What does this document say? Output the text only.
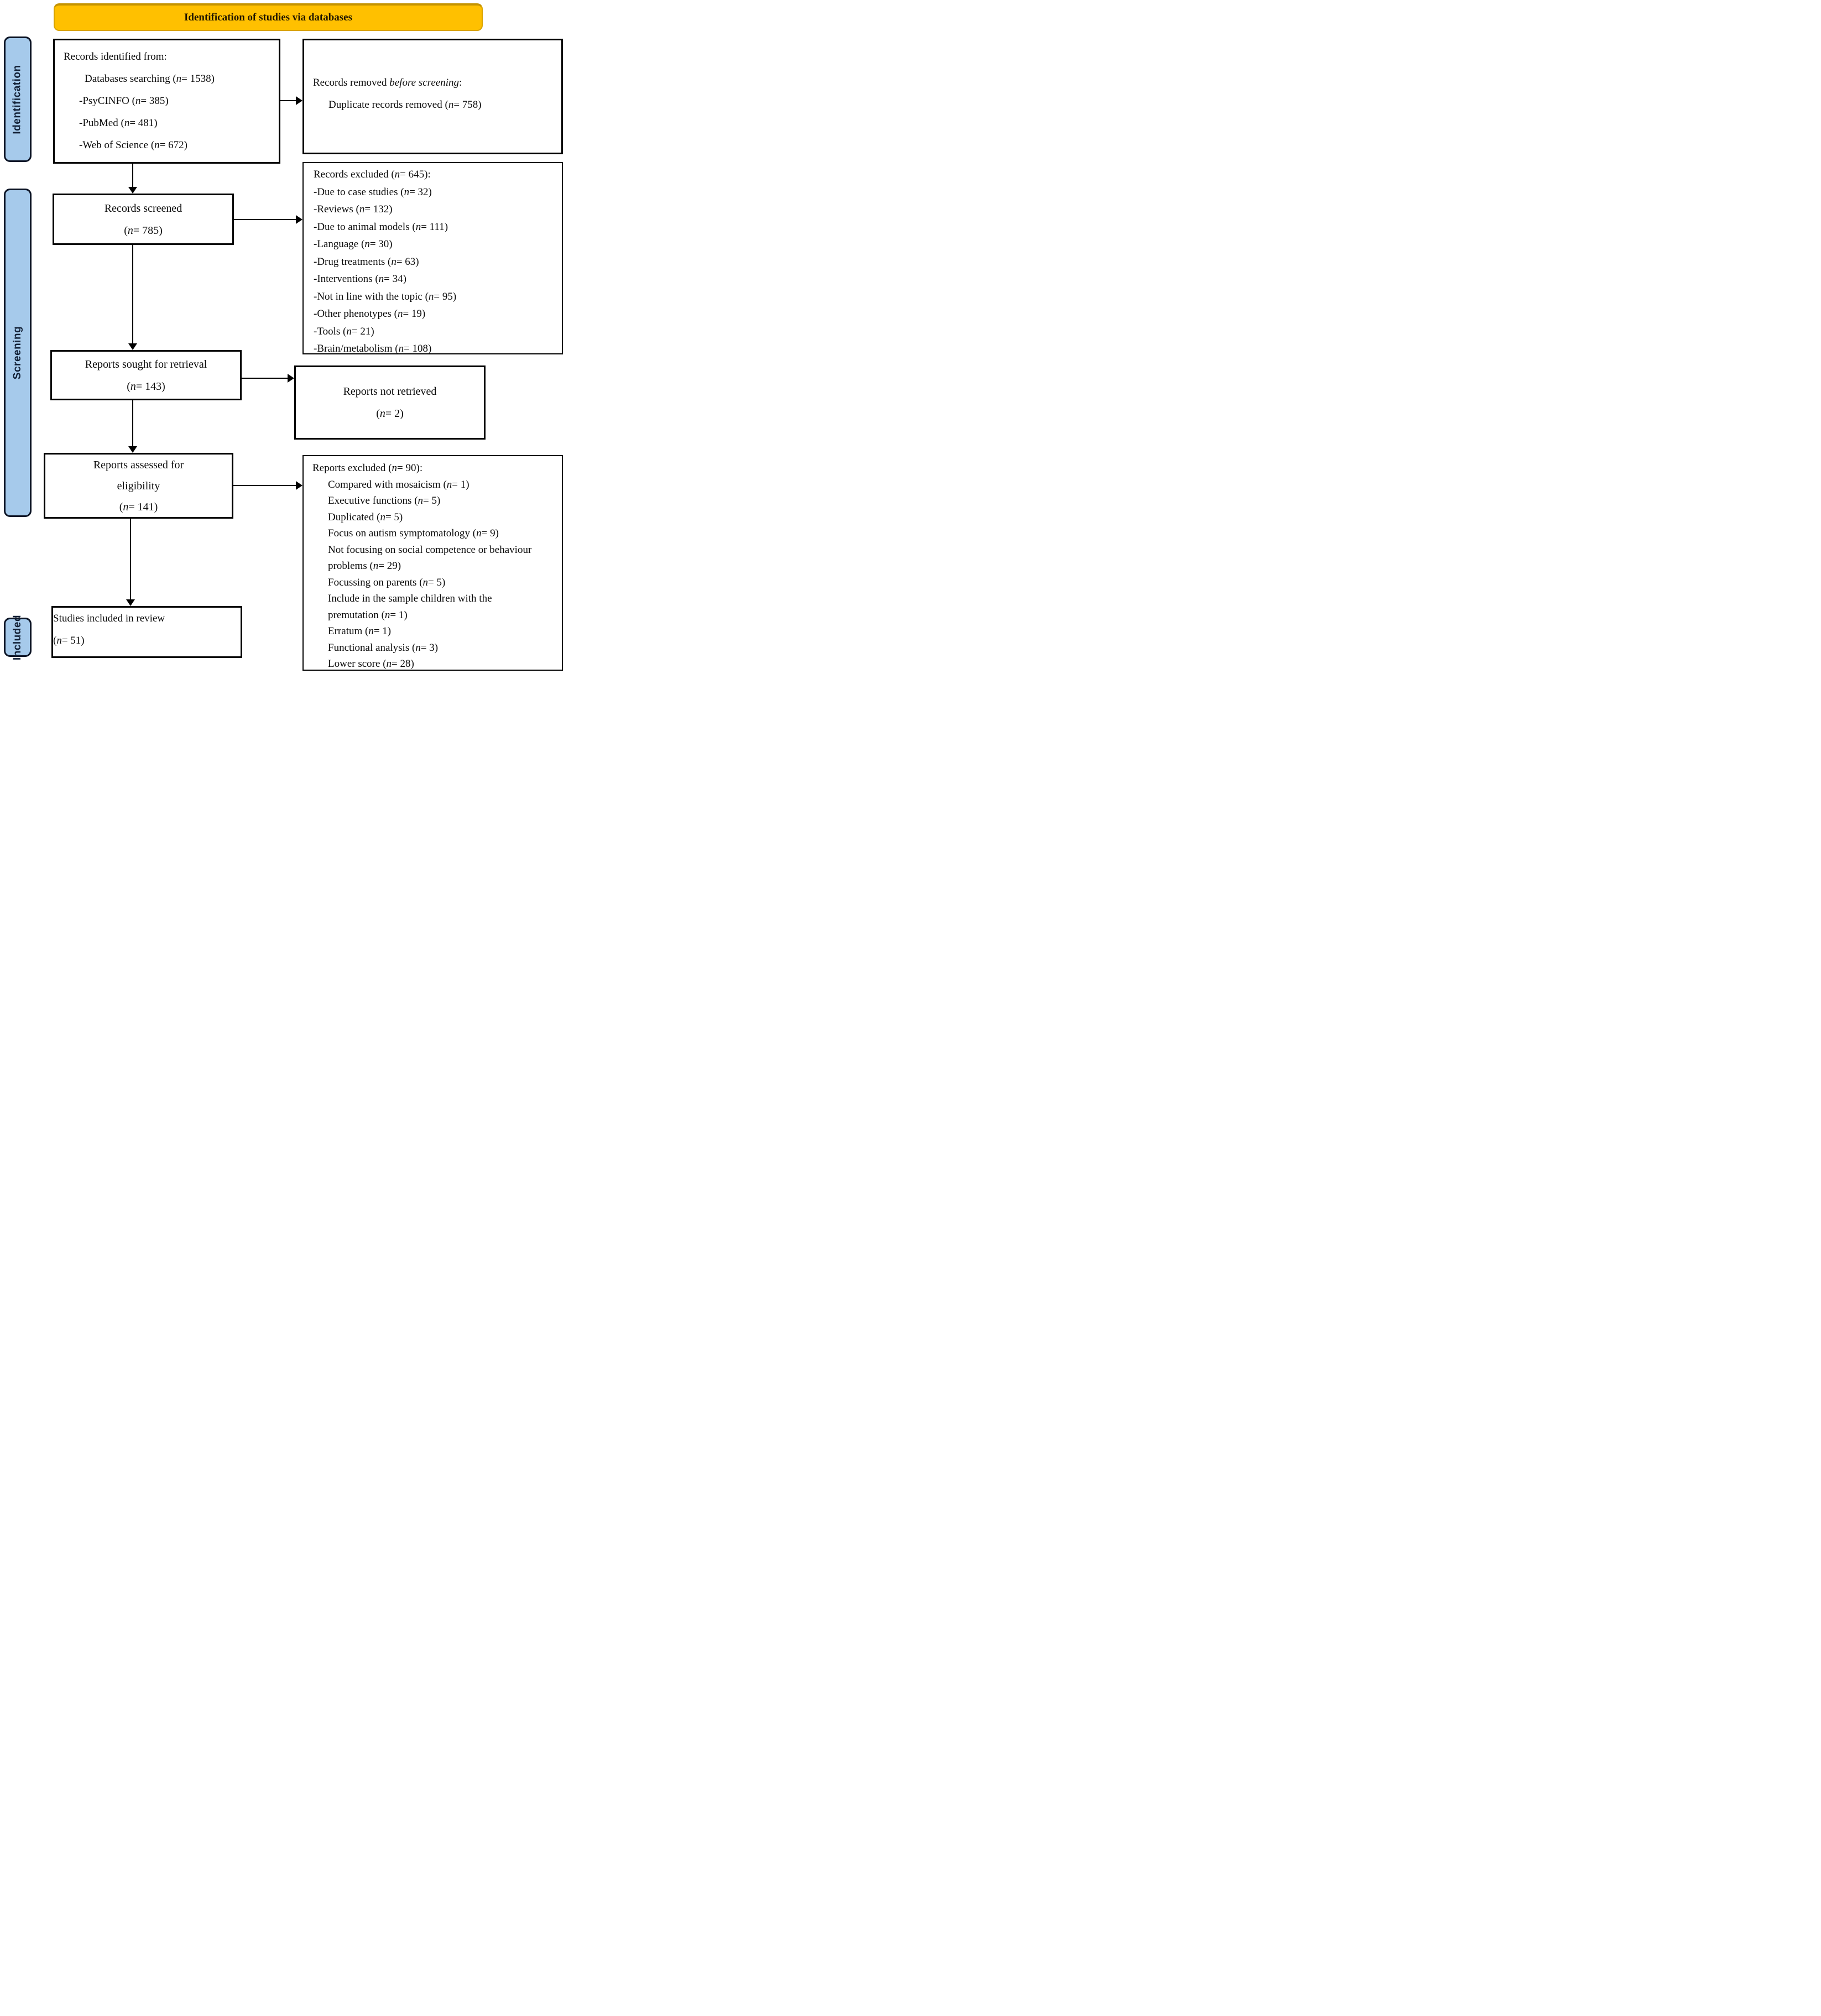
Identification of studies via databases
Identification
Screening
Included
Records identified from:
Databases searching (n= 1538)
-PsyCINFO (n= 385)
-PubMed (n= 481)
-Web of Science (n= 672)
Records removed before screening:
Duplicate records removed (n= 758)
Records screened
(n= 785)
Records excluded (n= 645):
-Due to case studies (n= 32)
-Reviews (n= 132)
-Due to animal models (n= 111)
-Language (n= 30)
-Drug treatments (n= 63)
-Interventions (n= 34)
-Not in line with the topic (n= 95)
-Other phenotypes (n= 19)
-Tools (n= 21)
-Brain/metabolism (n= 108)
Reports sought for retrieval
(n= 143)	Reports not retrieved
(n= 2)
Reports assessed for
eligibility
(n= 141)
Reports excluded (n= 90):
Compared with mosaicism (n= 1)
Executive functions (n= 5)
Duplicated (n= 5)
Focus on autism symptomatology (n= 9)
Not focusing on social competence or behaviour problems (n= 29)
Focussing on parents (n= 5)
Include in the sample children with the premutation (n= 1)
Erratum (n= 1)
Functional analysis (n= 3)
Lower score (n= 28)
Studies included in review
(n= 51)
